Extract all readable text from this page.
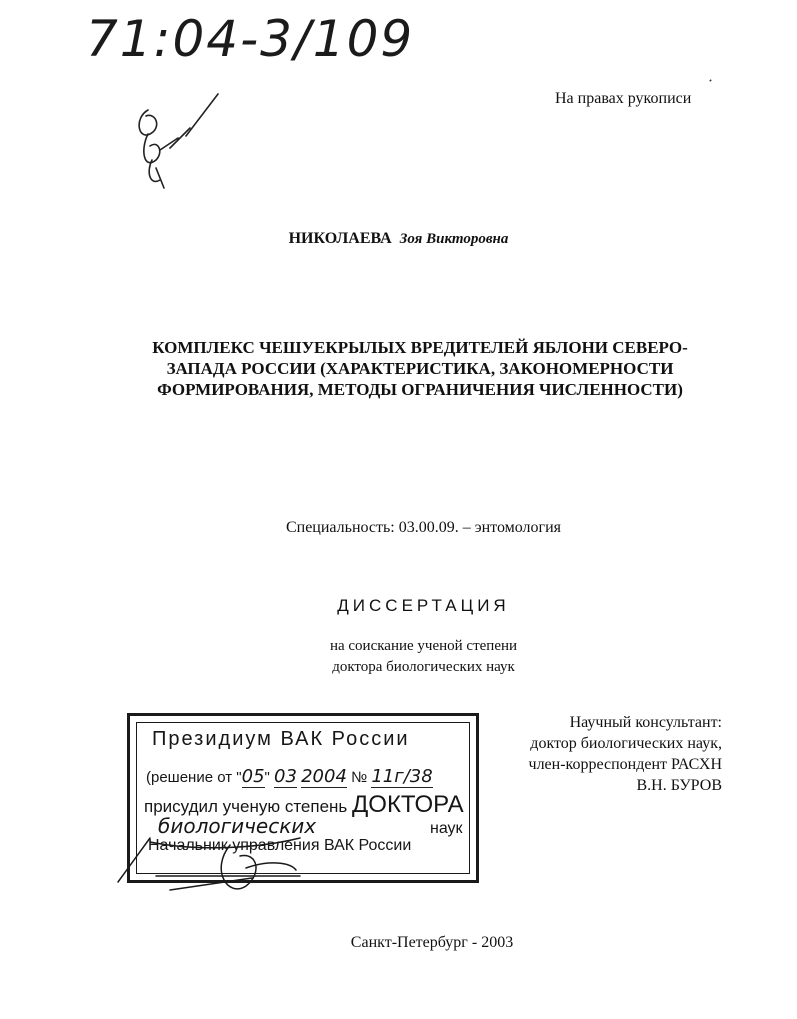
71:04-3/109
На правах рукописи
НИКОЛАЕВА Зоя Викторовна
КОМПЛЕКС ЧЕШУЕКРЫЛЫХ ВРЕДИТЕЛЕЙ ЯБЛОНИ СЕВЕРО-
ЗАПАДА РОССИИ (ХАРАКТЕРИСТИКА, ЗАКОНОМЕРНОСТИ
ФОРМИРОВАНИЯ, МЕТОДЫ ОГРАНИЧЕНИЯ ЧИСЛЕННОСТИ)
Специальность: 03.00.09. – энтомология
ДИССЕРТАЦИЯ
на соискание ученой степени
доктора биологических наук
Научный консультант:
доктор биологических наук,
член-корреспондент РАСХН
В.Н. БУРОВ
Президиум ВАК России
(решение от "05" 03 2004 № 11г/38
присудил ученую степень ДОКТОРА
биологических	наук
Начальник управления ВАК России
Санкт-Петербург - 2003
